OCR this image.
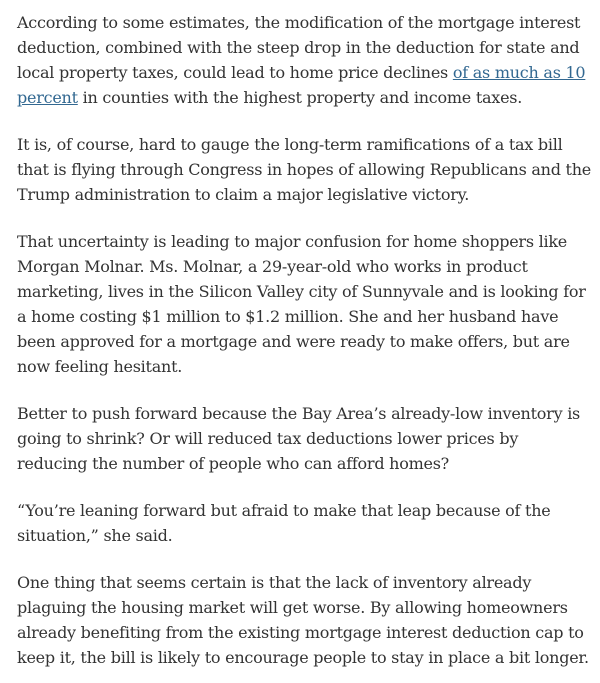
According to some estimates, the modification of the mortgage interest deduction, combined with the steep drop in the deduction for state and local property taxes, could lead to home price declines of as much as 10 percent in counties with the highest property and income taxes.

It is, of course, hard to gauge the long-term ramifications of a tax bill that is flying through Congress in hopes of allowing Republicans and the Trump administration to claim a major legislative victory.

That uncertainty is leading to major confusion for home shoppers like Morgan Molnar. Ms. Molnar, a 29-year-old who works in product marketing, lives in the Silicon Valley city of Sunnyvale and is looking for a home costing $1 million to $1.2 million. She and her husband have been approved for a mortgage and were ready to make offers, but are now feeling hesitant.

Better to push forward because the Bay Area’s already-low inventory is going to shrink? Or will reduced tax deductions lower prices by reducing the number of people who can afford homes?

“You’re leaning forward but afraid to make that leap because of the situation,” she said.

One thing that seems certain is that the lack of inventory already plaguing the housing market will get worse. By allowing homeowners already benefiting from the existing mortgage interest deduction cap to keep it, the bill is likely to encourage people to stay in place a bit longer.
